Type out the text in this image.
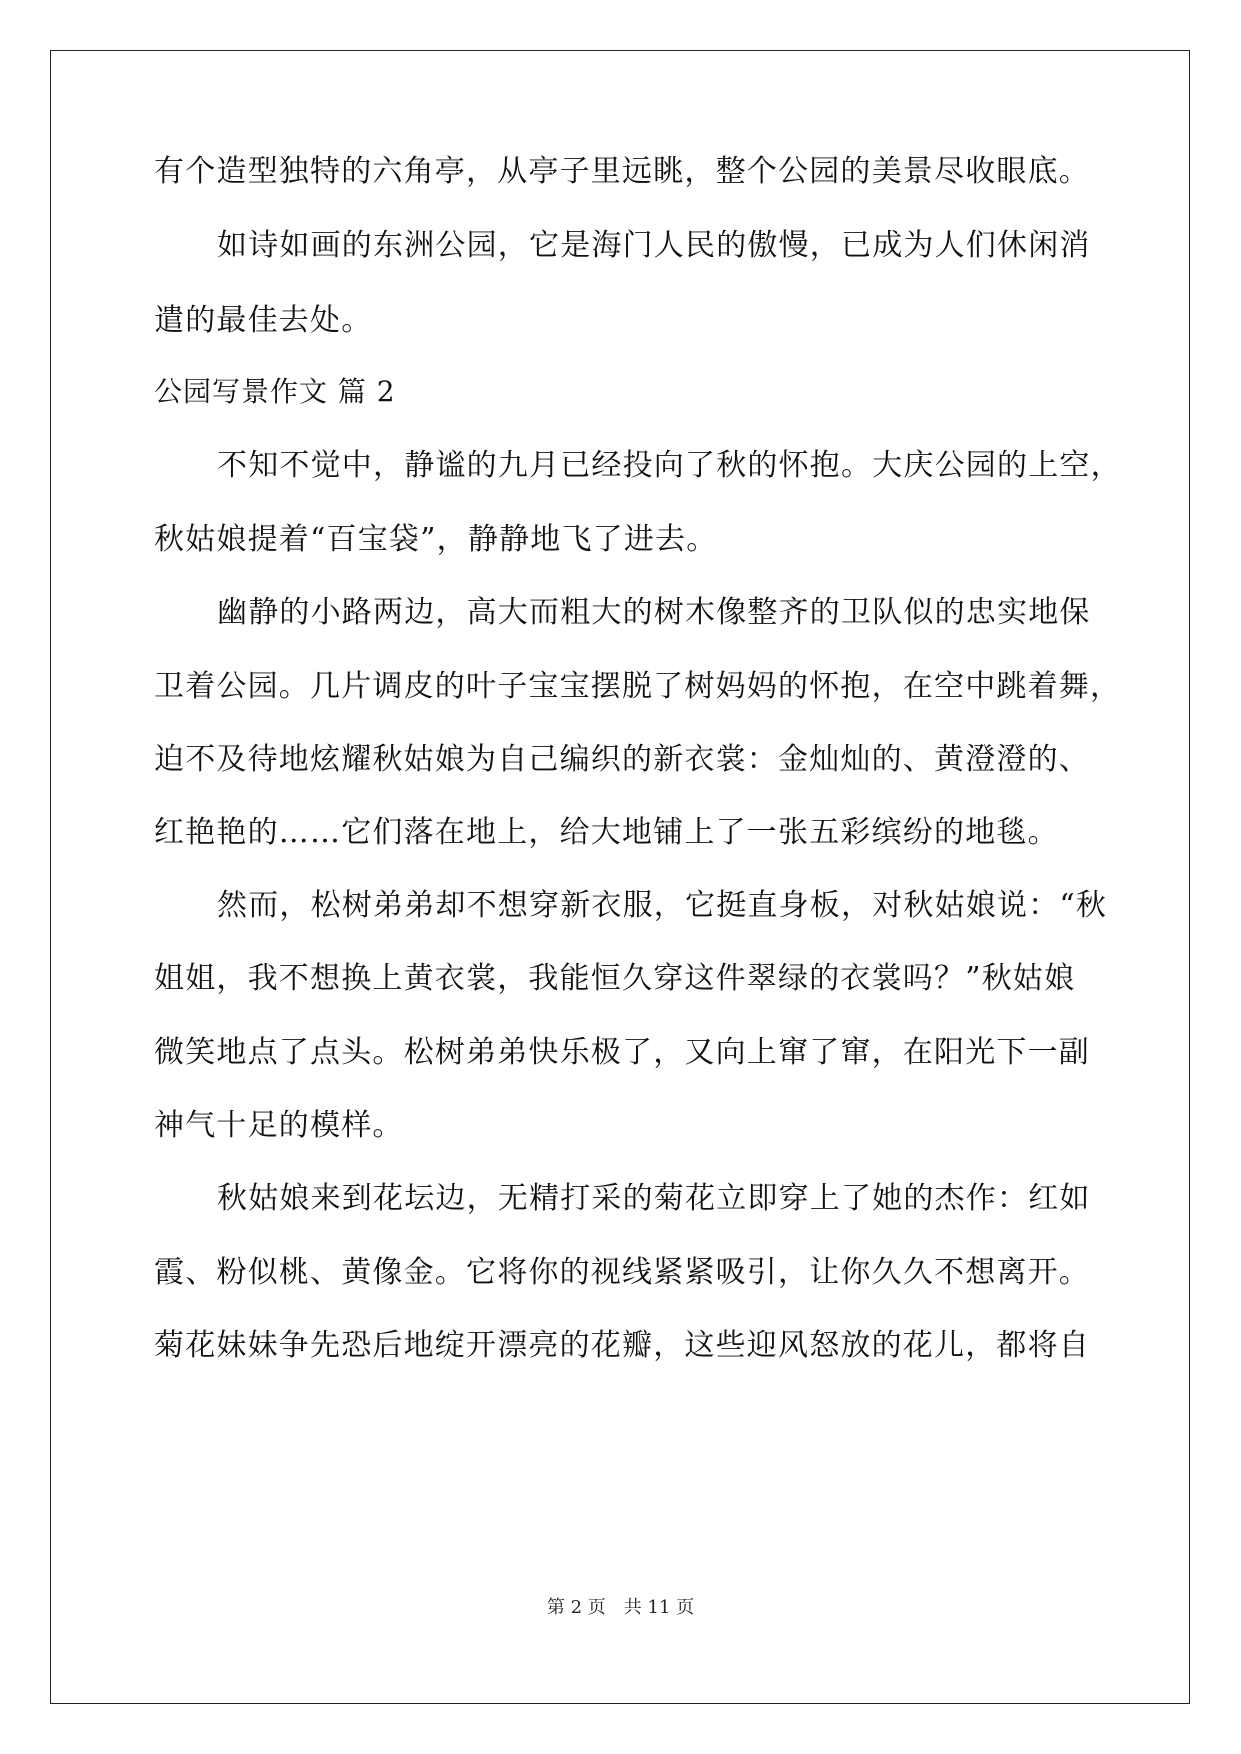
有个造型独特的六角亭，从亭子里远眺，整个公园的美景尽收眼底。
如诗如画的东洲公园，它是海门人民的傲慢，已成为人们休闲消
遣的最佳去处。
公园写景作文 篇 2
不知不觉中，静谧的九月已经投向了秋的怀抱。大庆公园的上空，
秋姑娘提着“百宝袋”，静静地飞了进去。
幽静的小路两边，高大而粗大的树木像整齐的卫队似的忠实地保
卫着公园。几片调皮的叶子宝宝摆脱了树妈妈的怀抱，在空中跳着舞，
迫不及待地炫耀秋姑娘为自己编织的新衣裳：金灿灿的、黄澄澄的、
红艳艳的……它们落在地上，给大地铺上了一张五彩缤纷的地毯。
然而，松树弟弟却不想穿新衣服，它挺直身板，对秋姑娘说：“秋
姐姐，我不想换上黄衣裳，我能恒久穿这件翠绿的衣裳吗？”秋姑娘
微笑地点了点头。松树弟弟快乐极了，又向上窜了窜，在阳光下一副
神气十足的模样。
秋姑娘来到花坛边，无精打采的菊花立即穿上了她的杰作：红如
霞、粉似桃、黄像金。它将你的视线紧紧吸引，让你久久不想离开。
菊花妹妹争先恐后地绽开漂亮的花瓣，这些迎风怒放的花儿，都将自
第 2 页　共 11 页
